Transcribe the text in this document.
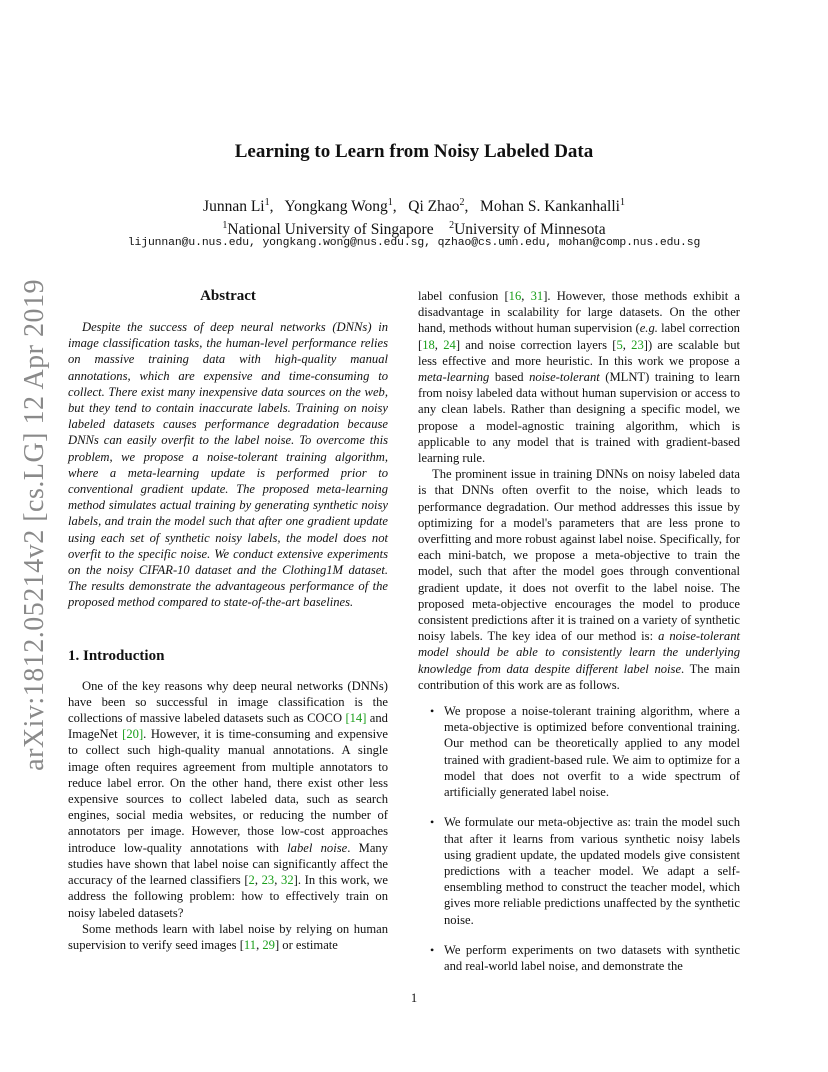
arXiv:1812.05214v2 [cs.LG] 12 Apr 2019
Learning to Learn from Noisy Labeled Data
Junnan Li$^1$,   Yongkang Wong$^1$,   Qi Zhao$^2$,   Mohan S. Kankanhalli$^1$
$^1$National University of Singapore $^2$University of Minnesota
lijunnan@u.nus.edu, yongkang.wong@nus.edu.sg, qzhao@cs.umn.edu, mohan@comp.nus.edu.sg
Abstract

Despite the success of deep neural networks (DNNs) in image classification tasks, the human-level performance relies on massive training data with high-quality manual annotations, which are expensive and time-consuming to collect. There exist many inexpensive data sources on the web, but they tend to contain inaccurate labels. Training on noisy labeled datasets causes performance degradation because DNNs can easily overfit to the label noise. To overcome this problem, we propose a noise-tolerant training algorithm, where a meta-learning update is performed prior to conventional gradient update. The proposed meta-learning method simulates actual training by generating synthetic noisy labels, and train the model such that after one gradient update using each set of synthetic noisy labels, the model does not overfit to the specific noise. We conduct extensive experiments on the noisy CIFAR-10 dataset and the Clothing1M dataset. The results demonstrate the advantageous performance of the proposed method compared to state-of-the-art baselines.

1. Introduction

One of the key reasons why deep neural networks (DNNs) have been so successful in image classification is the collections of massive labeled datasets such as COCO [14] and ImageNet [20]. However, it is time-consuming and expensive to collect such high-quality manual annotations. A single image often requires agreement from multiple annotators to reduce label error. On the other hand, there exist other less expensive sources to collect labeled data, such as search engines, social media websites, or reducing the number of annotators per image. However, those low-cost approaches introduce low-quality annotations with label noise. Many studies have shown that label noise can significantly affect the accuracy of the learned classifiers [2, 23, 32]. In this work, we address the following problem: how to effectively train on noisy labeled datasets?

Some methods learn with label noise by relying on human supervision to verify seed images [11, 29] or estimate

label confusion [16, 31]. However, those methods exhibit a disadvantage in scalability for large datasets. On the other hand, methods without human supervision (e.g. label correction [18, 24] and noise correction layers [5, 23]) are scalable but less effective and more heuristic. In this work we propose a meta-learning based noise-tolerant (MLNT) training to learn from noisy labeled data without human supervision or access to any clean labels. Rather than designing a specific model, we propose a model-agnostic training algorithm, which is applicable to any model that is trained with gradient-based learning rule.

The prominent issue in training DNNs on noisy labeled data is that DNNs often overfit to the noise, which leads to performance degradation. Our method addresses this issue by optimizing for a model's parameters that are less prone to overfitting and more robust against label noise. Specifically, for each mini-batch, we propose a meta-objective to train the model, such that after the model goes through conventional gradient update, it does not overfit to the label noise. The proposed meta-objective encourages the model to produce consistent predictions after it is trained on a variety of synthetic noisy labels. The key idea of our method is: a noise-tolerant model should be able to consistently learn the underlying knowledge from data despite different label noise. The main contribution of this work are as follows.

• We propose a noise-tolerant training algorithm, where a meta-objective is optimized before conventional training. Our method can be theoretically applied to any model trained with gradient-based rule. We aim to optimize for a model that does not overfit to a wide spectrum of artificially generated label noise.
• We formulate our meta-objective as: train the model such that after it learns from various synthetic noisy labels using gradient update, the updated models give consistent predictions with a teacher model. We adapt a self-ensembling method to construct the teacher model, which gives more reliable predictions unaffected by the synthetic noise.
• We perform experiments on two datasets with synthetic and real-world label noise, and demonstrate the
1
